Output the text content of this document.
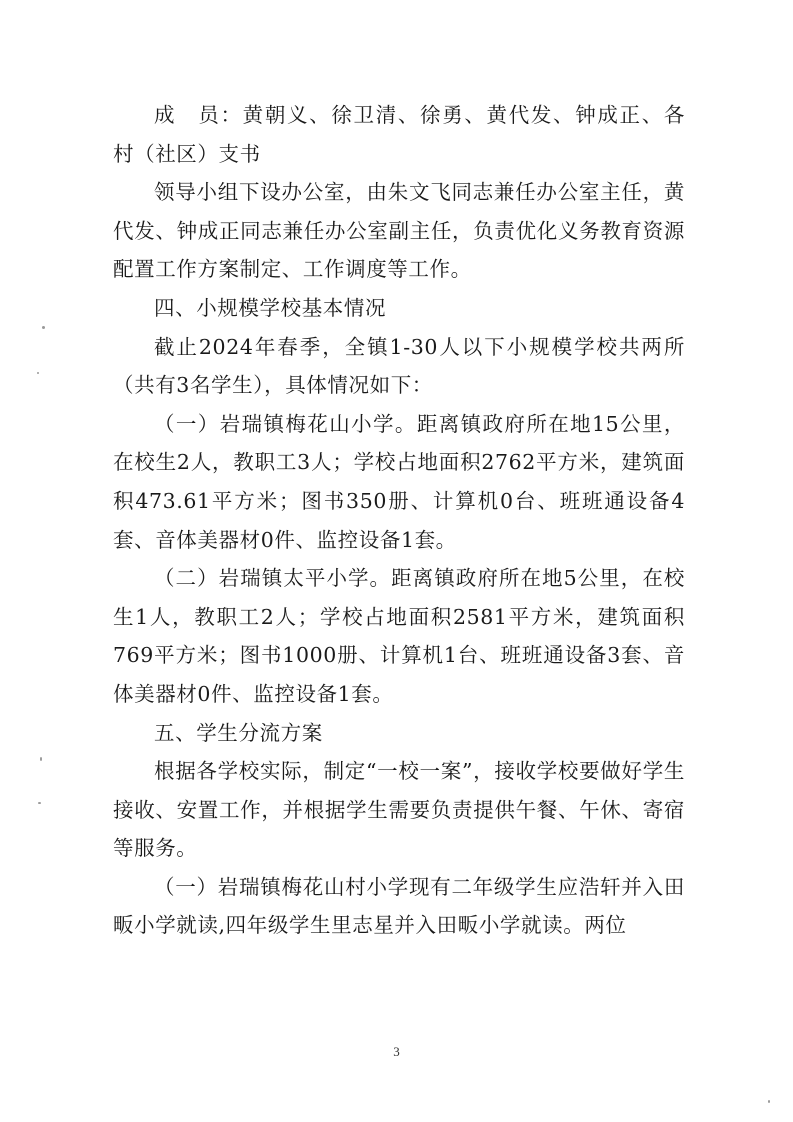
成　员：黄朝义、徐卫清、徐勇、黄代发、钟成正、各

村（社区）支书

领导小组下设办公室，由朱文飞同志兼任办公室主任，黄代发、钟成正同志兼任办公室副主任，负责优化义务教育资源配置工作方案制定、工作调度等工作。

四、小规模学校基本情况

截止2024年春季，全镇1-30人以下小规模学校共两所（共有3名学生），具体情况如下：

（一）岩瑞镇梅花山小学。距离镇政府所在地15公里，在校生2人，教职工3人；学校占地面积2762平方米，建筑面积473.61平方米；图书350册、计算机0台、班班通设备4套、音体美器材0件、监控设备1套。

（二）岩瑞镇太平小学。距离镇政府所在地5公里，在校生1人，教职工2人；学校占地面积2581平方米，建筑面积769平方米；图书1000册、计算机1台、班班通设备3套、音体美器材0件、监控设备1套。

五、学生分流方案

根据各学校实际，制定“一校一案”，接收学校要做好学生接收、安置工作，并根据学生需要负责提供午餐、午休、寄宿等服务。

（一）岩瑞镇梅花山村小学现有二年级学生应浩轩并入田畈小学就读,四年级学生里志星并入田畈小学就读。两位

3
